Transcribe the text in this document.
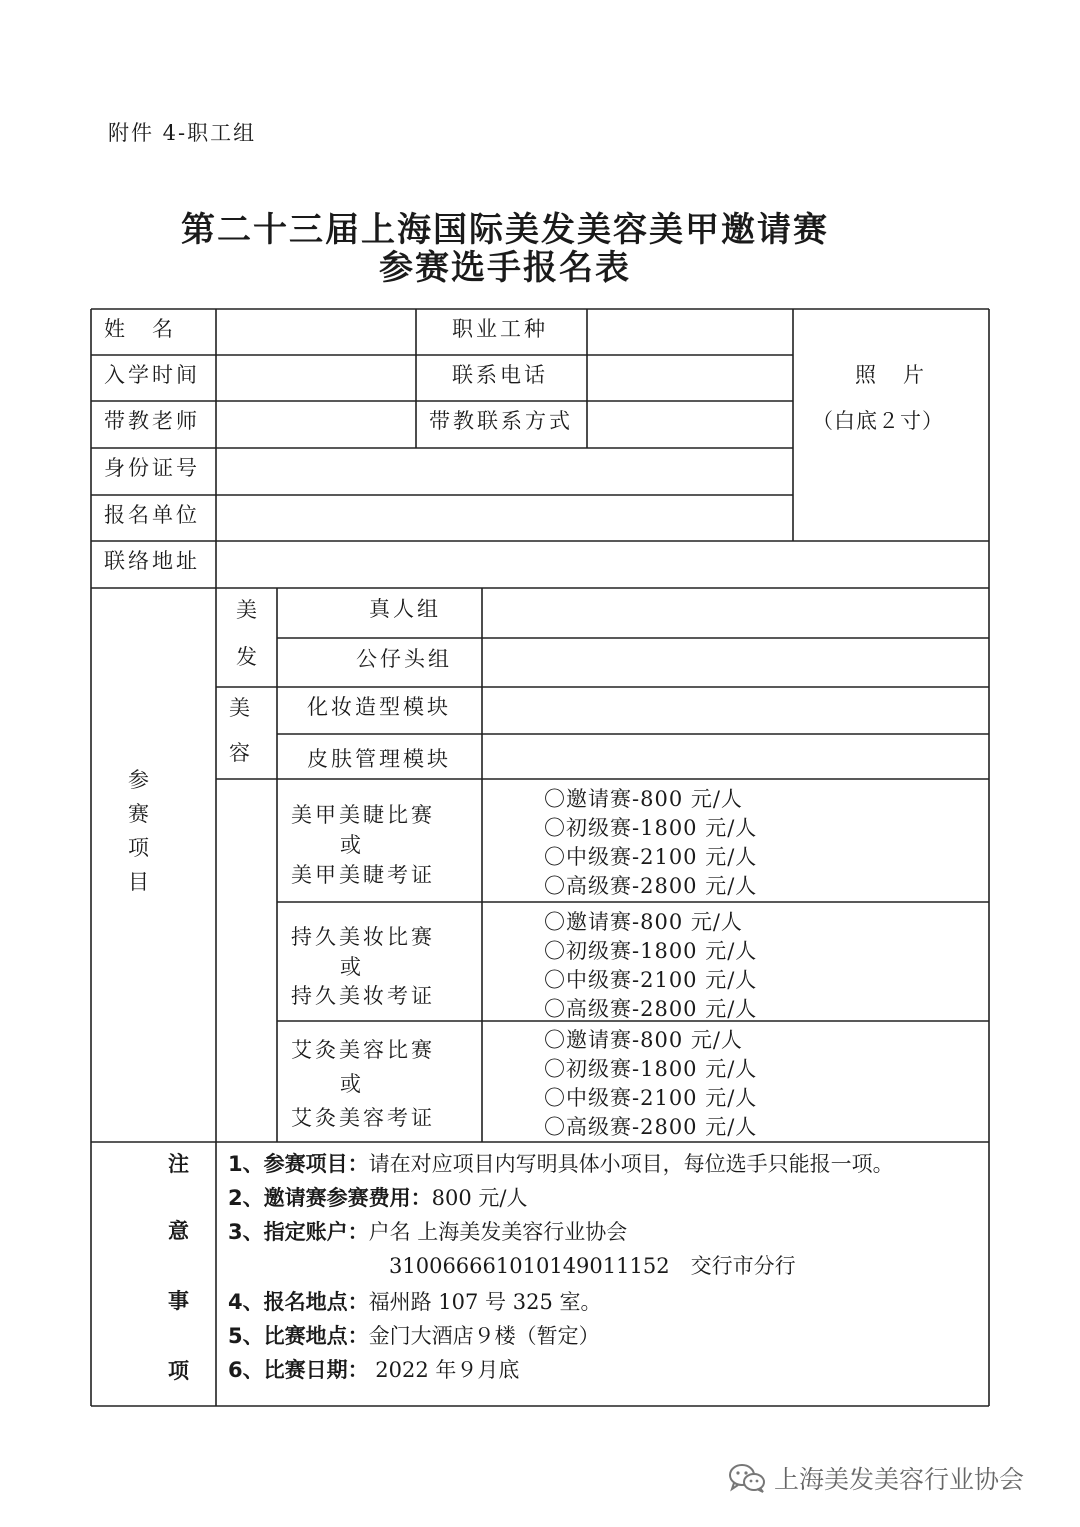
附件 4-职工组
第二十三届上海国际美发美容美甲邀请赛
参赛选手报名表
姓　名
入学时间
带教老师
身份证号
报名单位
联络地址
职业工种
联系电话
带教联系方式
照　片
（白底２寸）
参
赛
项
目
美
发
真人组
公仔头组
美
容
化妆造型模块
皮肤管理模块
美甲美睫比赛
或
美甲美睫考证
〇邀请赛-800 元/人
〇初级赛-1800 元/人
〇中级赛-2100 元/人
〇高级赛-2800 元/人
持久美妆比赛
或
持久美妆考证
〇邀请赛-800 元/人
〇初级赛-1800 元/人
〇中级赛-2100 元/人
〇高级赛-2800 元/人
艾灸美容比赛
或
艾灸美容考证
〇邀请赛-800 元/人
〇初级赛-1800 元/人
〇中级赛-2100 元/人
〇高级赛-2800 元/人
注
意
事
项
1、参赛项目：请在对应项目内写明具体小项目，每位选手只能报一项。
2、邀请赛参赛费用：800 元/人
3、指定账户：户名 上海美发美容行业协会
31006666101014901115​2　交行市分行
4、报名地点：福州路 107 号 325 室。
5、比赛地点：金门大酒店９楼（暂定）
6、比赛日期： 2022 年９月底
上海美发美容行业协会
